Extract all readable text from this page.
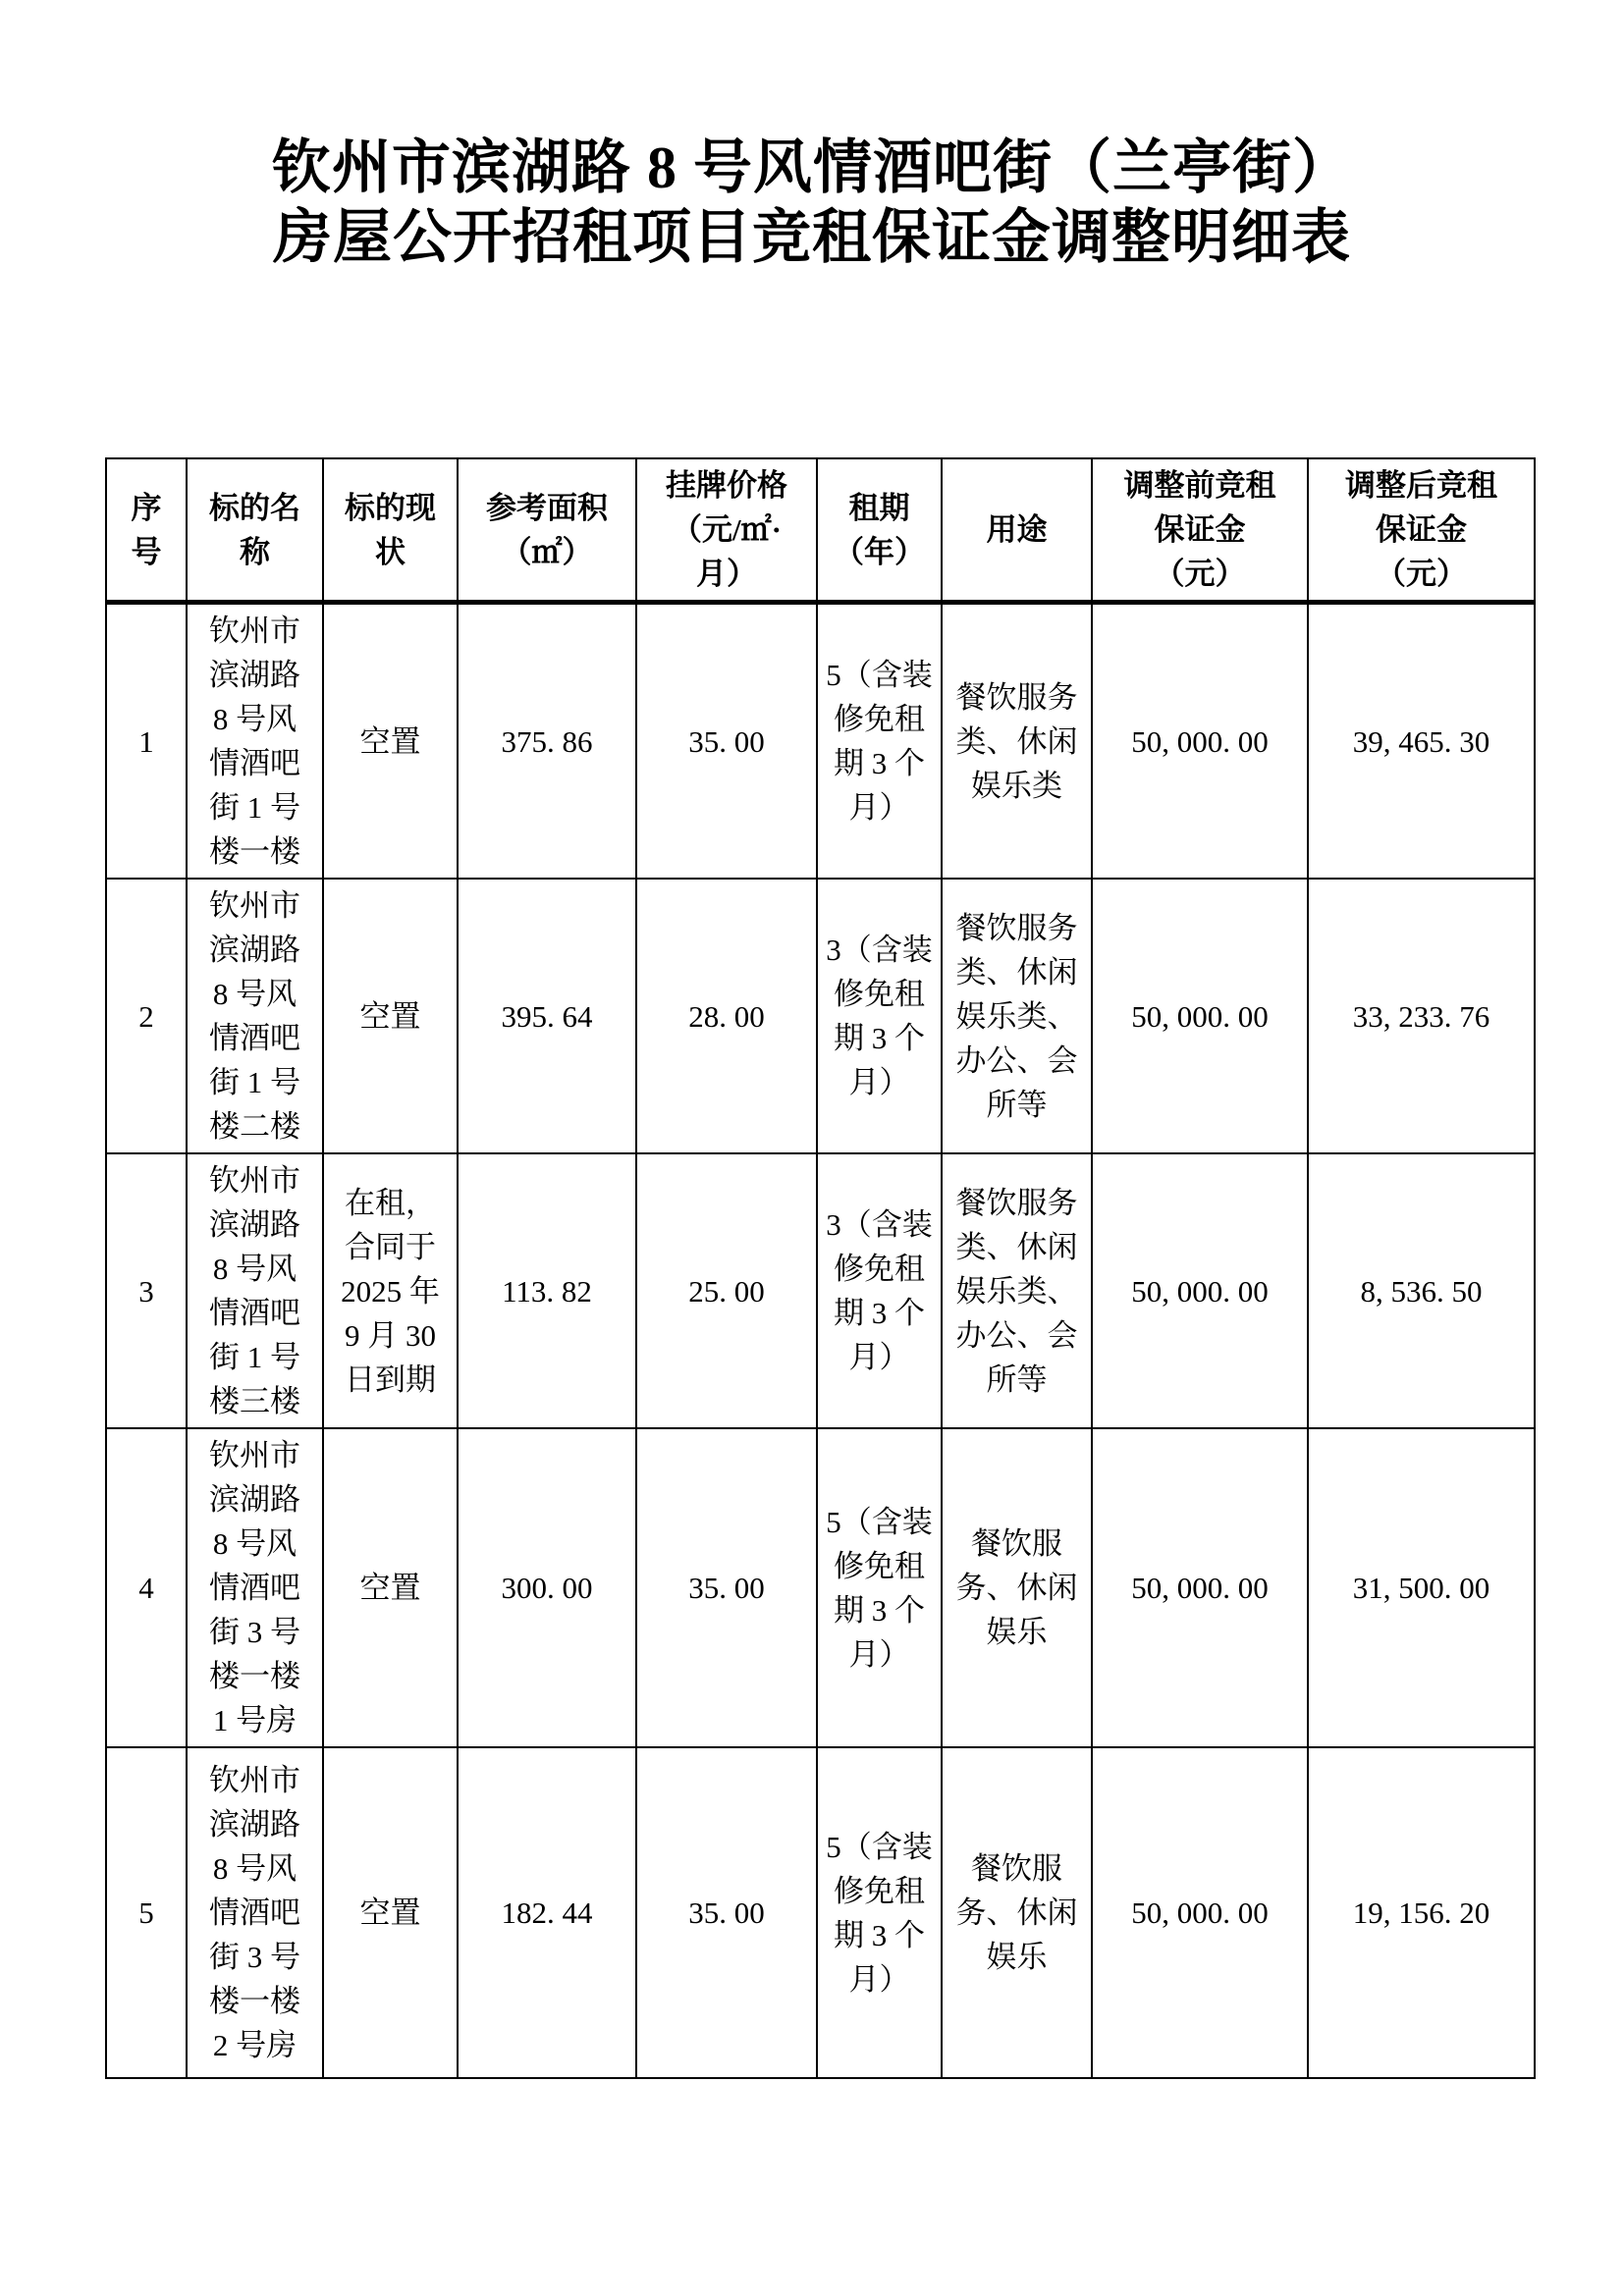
钦州市滨湖路 8 号风情酒吧街（兰亭街）
房屋公开招租项目竞租保证金调整明细表
序号	标的名称	标的现状	参考面积（㎡）	挂牌价格（元/㎡·月）	租期（年）	用途	调整前竞租保证金（元）	调整后竞租保证金（元）
1	钦州市滨湖路 8 号风情酒吧街 1 号楼一楼	空置	375. 86	35. 00	5（含装修免租期 3 个月）	餐饮服务类、休闲娱乐类	50, 000. 00	39, 465. 30
2	钦州市滨湖路 8 号风情酒吧街 1 号楼二楼	空置	395. 64	28. 00	3（含装修免租期 3 个月）	餐饮服务类、休闲娱乐类、办公、会所等	50, 000. 00	33, 233. 76
3	钦州市滨湖路 8 号风情酒吧街 1 号楼三楼	在租，合同于 2025 年 9 月 30 日到期	113. 82	25. 00	3（含装修免租期 3 个月）	餐饮服务类、休闲娱乐类、办公、会所等	50, 000. 00	8, 536. 50
4	钦州市滨湖路 8 号风情酒吧街 3 号楼一楼 1 号房	空置	300. 00	35. 00	5（含装修免租期 3 个月）	餐饮服务、休闲娱乐	50, 000. 00	31, 500. 00
5	钦州市滨湖路 8 号风情酒吧街 3 号楼一楼 2 号房	空置	182. 44	35. 00	5（含装修免租期 3 个月）	餐饮服务、休闲娱乐	50, 000. 00	19, 156. 20
